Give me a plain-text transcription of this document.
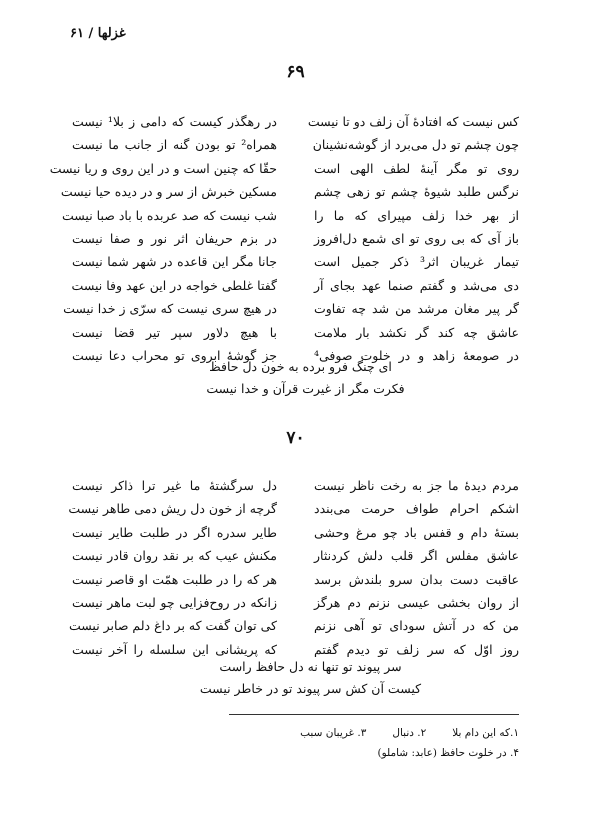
غزلها / ۶۱
۶۹
کس نیست که افتادهٔ آن زلف دو تا نیست
در رهگذر کیست که دامی ز بلا¹ نیست
چون چشم تو دل می‌برد از گوشه‌نشینان
همراه² تو بودن گنه از جانب ما نیست
روی تو مگر آینهٔ لطف الهی است
حقّا که چنین است و در این روی و ریا نیست
نرگس طلبد شیوهٔ چشم تو زهی چشم
مسکین خبرش از سر و در دیده حیا نیست
از بهر خدا زلف مپیرای که ما را
شب نیست که صد عربده با باد صبا نیست
باز آی که بی روی تو ای شمع دل‌افروز
در بزم حریفان اثر نور و صفا نیست
تیمار غریبان اثر³ ذکر جمیل است
جانا مگر این قاعده در شهر شما نیست
دی می‌شد و گفتم صنما عهد بجای آر
گفتا غلطی خواجه در این عهد وفا نیست
گر پیر مغان مرشد من شد چه تفاوت
در هیچ سری نیست که سرّی ز خدا نیست
عاشق چه کند گر نکشد بار ملامت
با هیچ دلاور سپر تیر قضا نیست
در صومعهٔ زاهد و در خلوت صوفی⁴
جز گوشهٔ ابروی تو محراب دعا نیست
ای چنگ فرو برده به خون دل حافظ
فکرت مگر از غیرت قرآن و خدا نیست
۷۰
مردم دیدهٔ ما جز به رخت ناظر نیست
دل سرگشتهٔ ما غیر ترا ذاکر نیست
اشکم احرام طواف حرمت می‌بندد
گرچه از خون دل ریش دمی طاهر نیست
بستهٔ دام و قفس باد چو مرغ وحشی
طایر سدره اگر در طلبت طایر نیست
عاشق مفلس اگر قلب دلش کردنثار
مکنش عیب که بر نقد روان قادر نیست
عاقبت دست بدان سرو بلندش برسد
هر که را در طلبت همّت او قاصر نیست
از روان بخشی عیسی نزنم دم هرگز
زانکه در روح‌فزایی چو لبت ماهر نیست
من که در آتش سودای تو آهی نزنم
کی توان گفت که بر داغ دلم صابر نیست
روز اوّل که سر زلف تو دیدم گفتم
که پریشانی این سلسله را آخر نیست
سر پیوند تو تنها نه دل حافظ راست
کیست آن کش سر پیوند تو در خاطر نیست
۱.که این دام بلا
۲. دنبال
۳. غریبان سبب
۴. در خلوت حافظ (عابد: شاملو)
